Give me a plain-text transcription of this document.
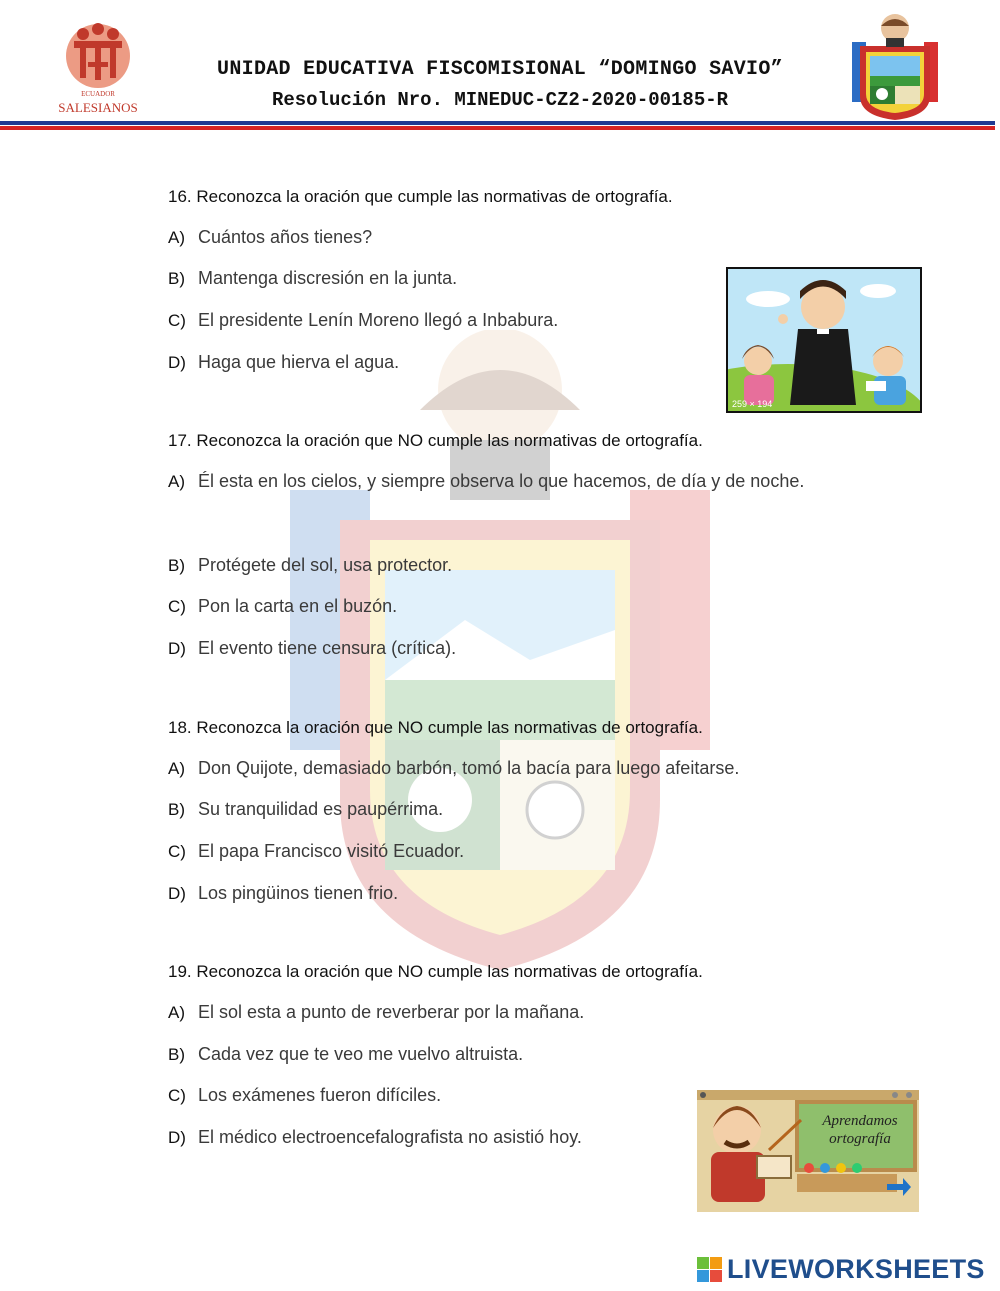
ECUADOR
SALESIANOS
UNIDAD EDUCATIVA FISCOMISIONAL “DOMINGO SAVIO”
Resolución Nro. MINEDUC-CZ2-2020-00185-R
16. Reconozca la oración que cumple las normativas de ortografía.
A) Cuántos años tienes?
B) Mantenga discresión en la junta.
C) El presidente Lenín Moreno llegó a Inbabura.
D) Haga que hierva el agua.
17. Reconozca la oración que NO cumple las normativas de ortografía.
A) Él esta en los cielos, y siempre observa lo que hacemos, de día y de noche.
B) Protégete del sol, usa protector.
C) Pon la carta en el buzón.
D) El evento tiene censura (crítica).
18. Reconozca la oración que NO cumple las normativas de ortografía.
A) Don Quijote, demasiado barbón, tomó la bacía para luego afeitarse.
B) Su tranquilidad es paupérrima.
C) El papa Francisco visitó Ecuador.
D) Los pingüinos tienen frio.
19. Reconozca la oración que NO cumple las normativas de ortografía.
A) El sol esta a punto de reverberar por la mañana.
B) Cada vez que te veo me vuelvo altruista.
C) Los exámenes fueron difíciles.
D) El médico electroencefalografista no asistió hoy.
259 × 194
Aprendamos
ortografía
LIVEWORKSHEETS
